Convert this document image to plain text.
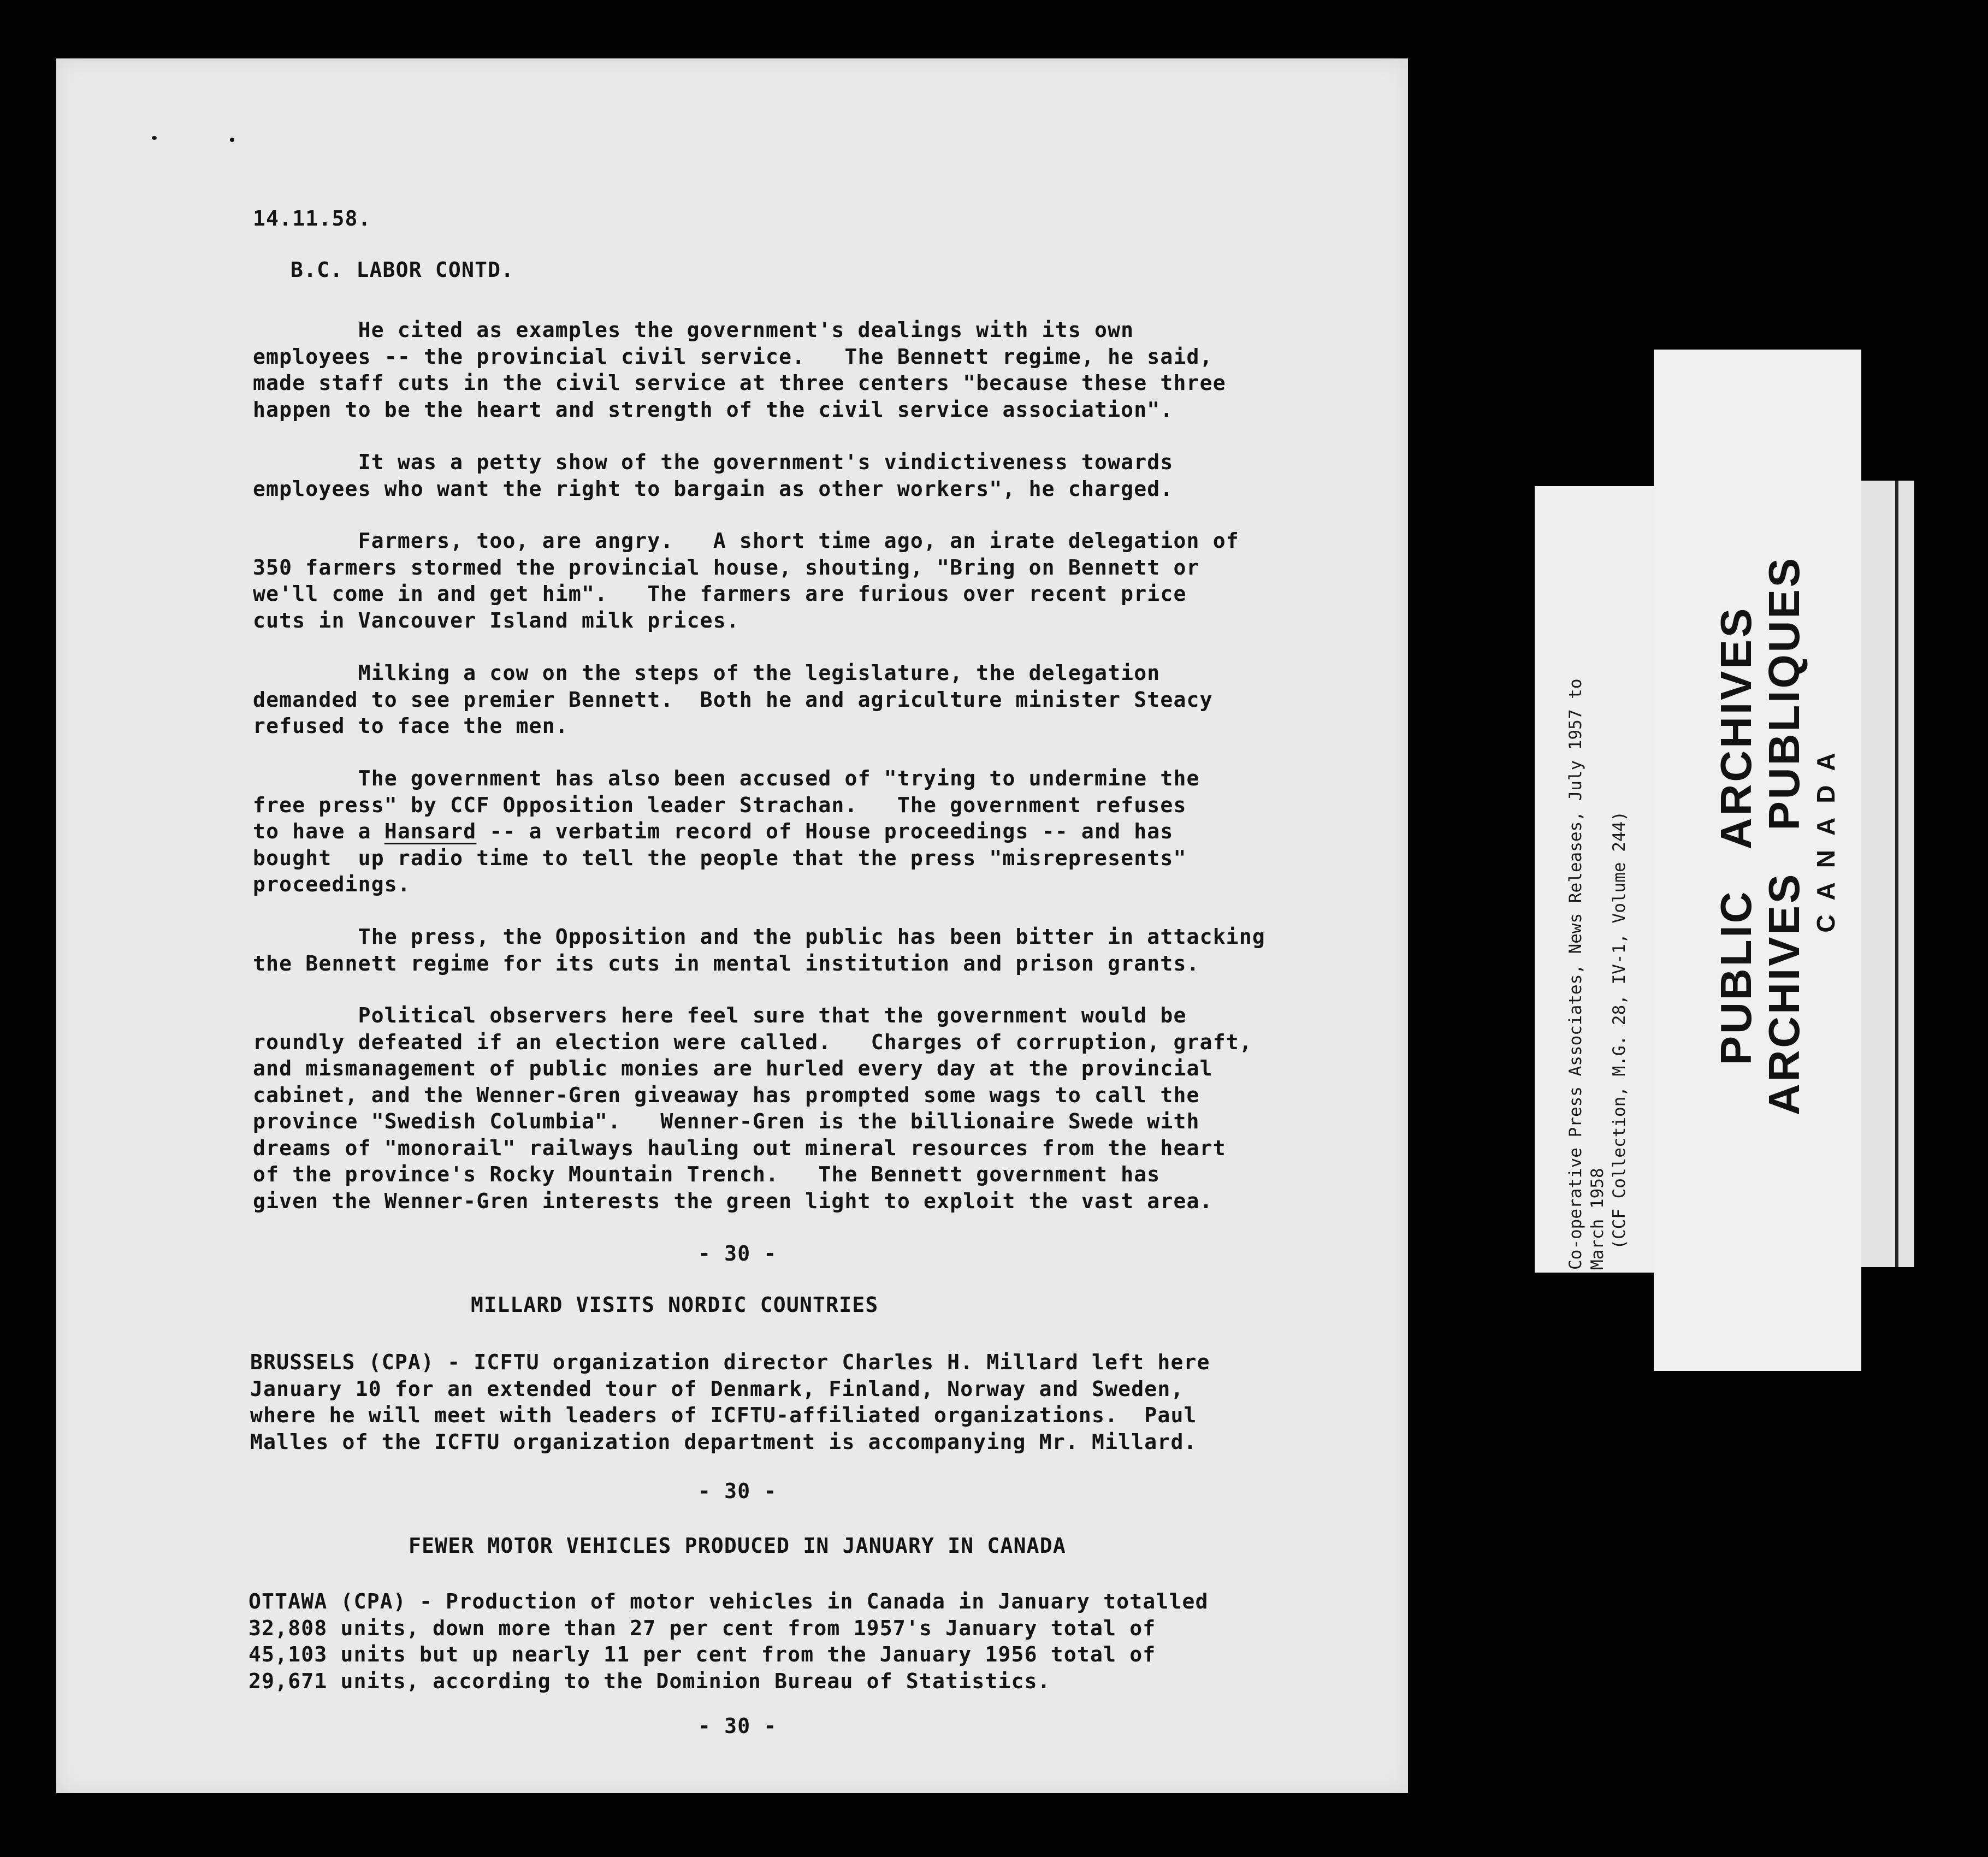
14.11.58.

B.C. LABOR CONTD.

He cited as examples the government's dealings with its own
employees -- the provincial civil service.   The Bennett regime, he said,
made staff cuts in the civil service at three centers "because these three
happen to be the heart and strength of the civil service association".

It was a petty show of the government's vindictiveness towards
employees who want the right to bargain as other workers", he charged.

Farmers, too, are angry.   A short time ago, an irate delegation of
350 farmers stormed the provincial house, shouting, "Bring on Bennett or
we'll come in and get him".   The farmers are furious over recent price
cuts in Vancouver Island milk prices.

Milking a cow on the steps of the legislature, the delegation
demanded to see premier Bennett.  Both he and agriculture minister Steacy
refused to face the men.

The government has also been accused of "trying to undermine the
free press" by CCF Opposition leader Strachan.   The government refuses
to have a Hansard -- a verbatim record of House proceedings -- and has
bought  up radio time to tell the people that the press "misrepresents"
proceedings.

The press, the Opposition and the public has been bitter in attacking
the Bennett regime for its cuts in mental institution and prison grants.

Political observers here feel sure that the government would be
roundly defeated if an election were called.   Charges of corruption, graft,
and mismanagement of public monies are hurled every day at the provincial
cabinet, and the Wenner-Gren giveaway has prompted some wags to call the
province "Swedish Columbia".   Wenner-Gren is the billionaire Swede with
dreams of "monorail" railways hauling out mineral resources from the heart
of the province's Rocky Mountain Trench.   The Bennett government has
given the Wenner-Gren interests the green light to exploit the vast area.

- 30 -

MILLARD VISITS NORDIC COUNTRIES

BRUSSELS (CPA) - ICFTU organization director Charles H. Millard left here
January 10 for an extended tour of Denmark, Finland, Norway and Sweden,
where he will meet with leaders of ICFTU-affiliated organizations.  Paul
Malles of the ICFTU organization department is accompanying Mr. Millard.

- 30 -

FEWER MOTOR VEHICLES PRODUCED IN JANUARY IN CANADA

OTTAWA (CPA) - Production of motor vehicles in Canada in January totalled
32,808 units, down more than 27 per cent from 1957's January total of
45,103 units but up nearly 11 per cent from the January 1956 total of
29,671 units, according to the Dominion Bureau of Statistics.

- 30 -

Co-operative Press Associates, News Releases, July 1957 to
March 1958
(CCF Collection, M.G. 28, IV-1, Volume 244)	PUBLIC ARCHIVES ARCHIVES PUBLIQUES CANADA
